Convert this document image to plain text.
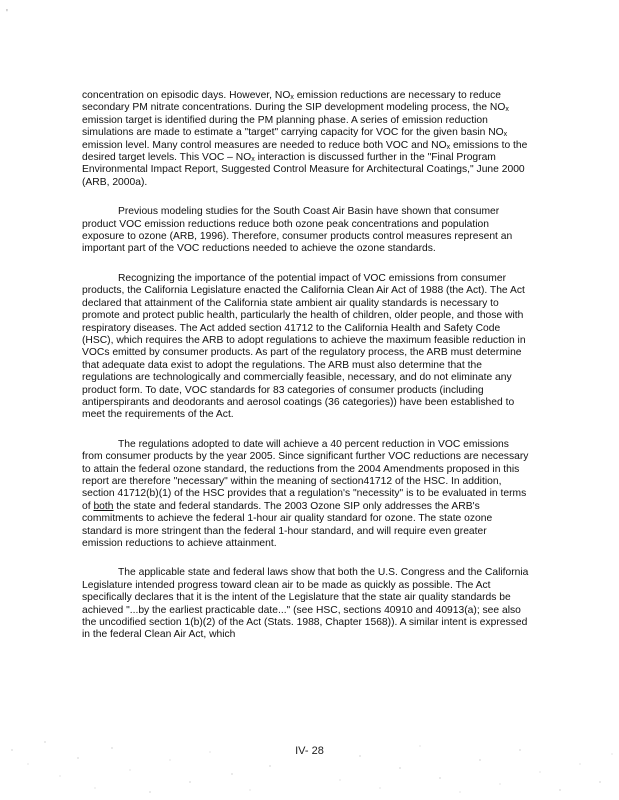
'

concentration on episodic days. However, $NO_x$ emission reductions are necessary to reduce secondary PM nitrate concentrations. During the SIP development modeling process, the $NO_x$ emission target is identified during the PM planning phase. A series of emission reduction simulations are made to estimate a "target" carrying capacity for VOC for the given basin $NO_x$ emission level. Many control measures are needed to reduce both VOC and $NO_x$ emissions to the desired target levels. This VOC – $NO_x$ interaction is discussed further in the "Final Program Environmental Impact Report, Suggested Control Measure for Architectural Coatings," June 2000 (ARB, 2000a).

Previous modeling studies for the South Coast Air Basin have shown that consumer product VOC emission reductions reduce both ozone peak concentrations and population exposure to ozone (ARB, 1996). Therefore, consumer products control measures represent an important part of the VOC reductions needed to achieve the ozone standards.

Recognizing the importance of the potential impact of VOC emissions from consumer products, the California Legislature enacted the California Clean Air Act of 1988 (the Act). The Act declared that attainment of the California state ambient air quality standards is necessary to promote and protect public health, particularly the health of children, older people, and those with respiratory diseases. The Act added section 41712 to the California Health and Safety Code (HSC), which requires the ARB to adopt regulations to achieve the maximum feasible reduction in VOCs emitted by consumer products. As part of the regulatory process, the ARB must determine that adequate data exist to adopt the regulations. The ARB must also determine that the regulations are technologically and commercially feasible, necessary, and do not eliminate any product form. To date, VOC standards for 83 categories of consumer products (including antiperspirants and deodorants and aerosol coatings (36 categories)) have been established to meet the requirements of the Act.

The regulations adopted to date will achieve a 40 percent reduction in VOC emissions from consumer products by the year 2005. Since significant further VOC reductions are necessary to attain the federal ozone standard, the reductions from the 2004 Amendments proposed in this report are therefore "necessary" within the meaning of section41712 of the HSC. In addition, section 41712(b)(1) of the HSC provides that a regulation's "necessity" is to be evaluated in terms of both the state and federal standards. The 2003 Ozone SIP only addresses the ARB's commitments to achieve the federal 1-hour air quality standard for ozone. The state ozone standard is more stringent than the federal 1-hour standard, and will require even greater emission reductions to achieve attainment.

The applicable state and federal laws show that both the U.S. Congress and the California Legislature intended progress toward clean air to be made as quickly as possible. The Act specifically declares that it is the intent of the Legislature that the state air quality standards be achieved "...by the earliest practicable date..." (see HSC, sections 40910 and 40913(a); see also the uncodified section 1(b)(2) of the Act (Stats. 1988, Chapter 1568)). A similar intent is expressed in the federal Clean Air Act, which

IV- 28
